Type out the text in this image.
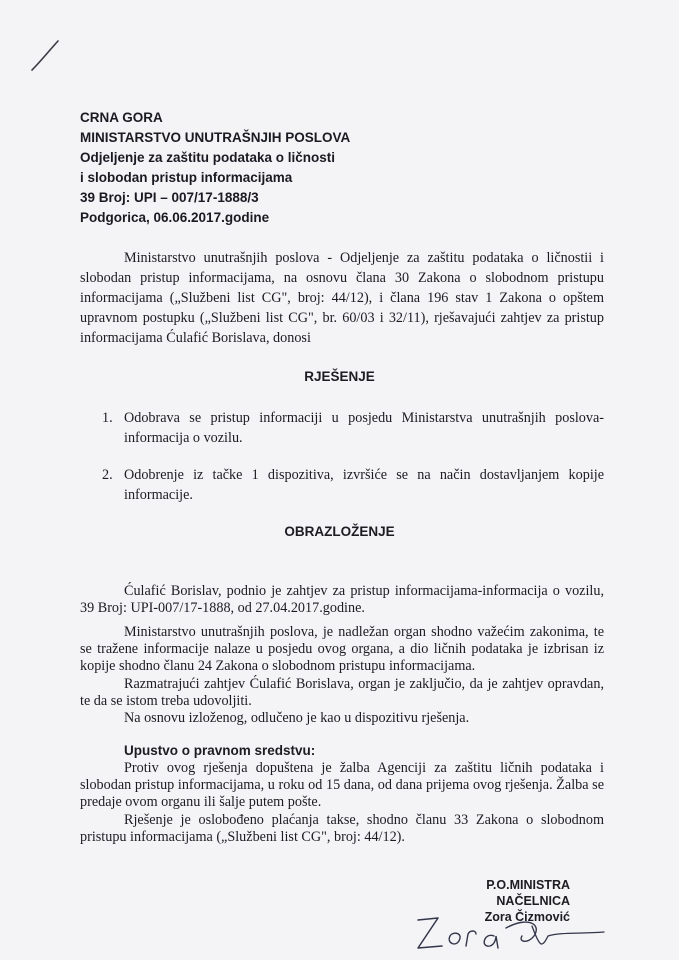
CRNA GORA
MINISTARSTVO UNUTRAŠNJIH POSLOVA
Odjeljenje za zaštitu podataka o ličnosti
i slobodan pristup informacijama
39 Broj: UPI – 007/17-1888/3
Podgorica, 06.06.2017.godine
Ministarstvo unutrašnjih poslova - Odjeljenje za zaštitu podataka o ličnostii i slobodan pristup informacijama, na osnovu člana 30 Zakona o slobodnom pristupu informacijama („Službeni list CG", broj: 44/12), i člana 196 stav 1 Zakona o opštem upravnom postupku („Službeni list CG", br. 60/03 i 32/11), rješavajući zahtjev za pristup informacijama Ćulafić Borislava, donosi
RJEŠENJE
1. Odobrava se pristup informaciji u posjedu Ministarstva unutrašnjih poslova- informacija o vozilu.
2. Odobrenje iz tačke 1 dispozitiva, izvršiće se na način dostavljanjem kopije informacije.
OBRAZLOŽENJE
Ćulafić Borislav, podnio je zahtjev za pristup informacijama-informacija o vozilu, 39 Broj: UPI-007/17-1888, od 27.04.2017.godine.
Ministarstvo unutrašnjih poslova, je nadležan organ shodno važećim zakonima, te se tražene informacije nalaze u posjedu ovog organa, a dio ličnih podataka je izbrisan iz kopije shodno članu 24 Zakona o slobodnom pristupu informacijama.
Razmatrajući zahtjev Ćulafić Borislava, organ je zaključio, da je zahtjev opravdan, te da se istom treba udovoljiti.
Na osnovu izloženog, odlučeno je kao u dispozitivu rješenja.
Upustvo o pravnom sredstvu:
Protiv ovog rješenja dopuštena je žalba Agenciji za zaštitu ličnih podataka i slobodan pristup informacijama, u roku od 15 dana, od dana prijema ovog rješenja. Žalba se predaje ovom organu ili šalje putem pošte.
Rješenje je oslobođeno plaćanja takse, shodno članu 33 Zakona o slobodnom pristupu informacijama („Službeni list CG", broj: 44/12).
P.O.MINISTRA
NAČELNICA
Zora Čizmović
